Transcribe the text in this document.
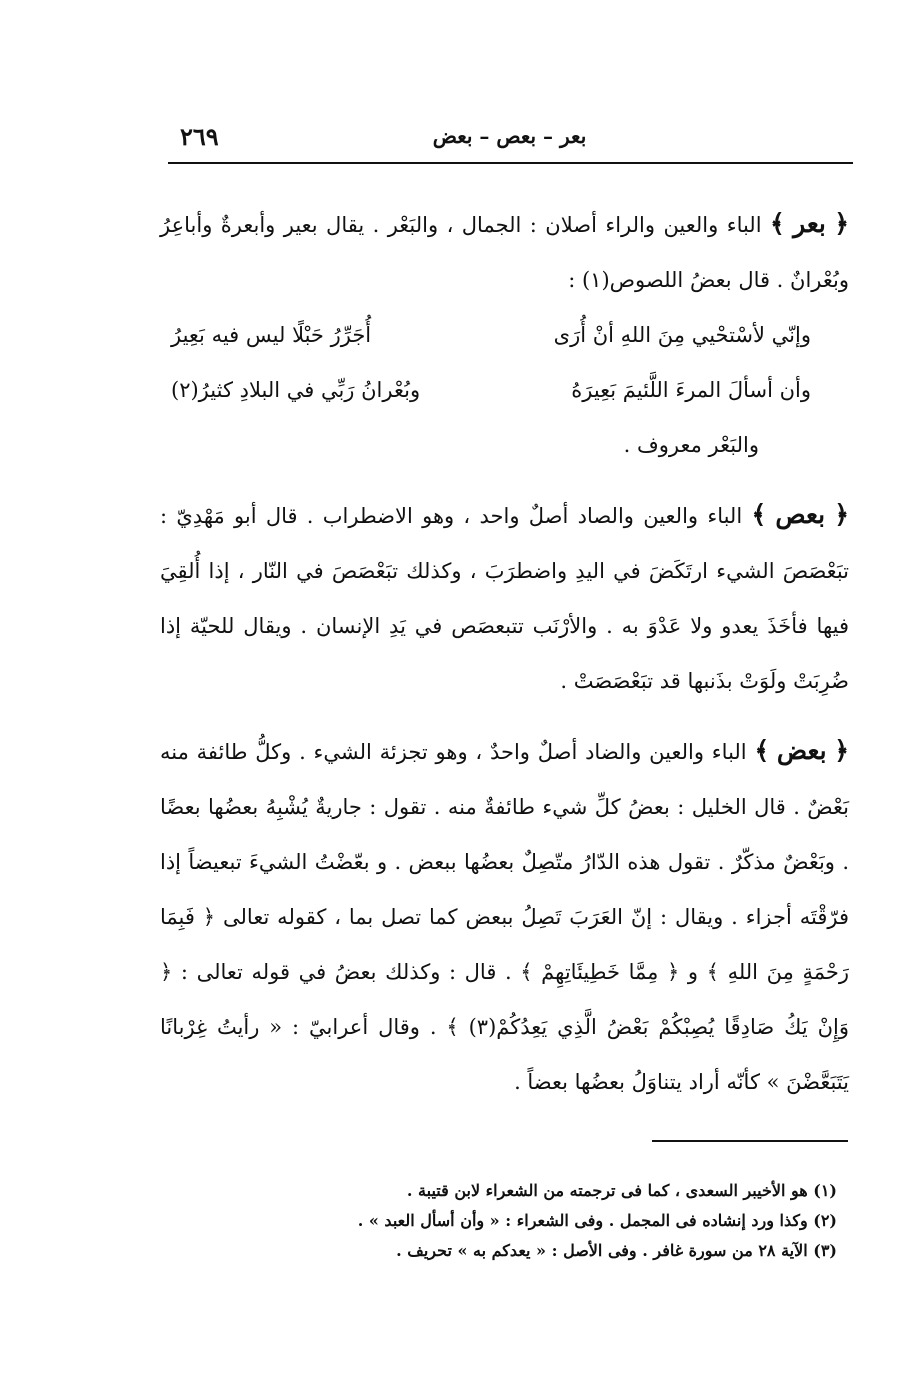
بعر – بعص – بعض
٢٦٩

﴿ بعر ﴾ الباء والعين والراء أصلان : الجمال ، والبَعْر . يقال بعير وأبعرةٌ وأباعِرُ وبُعْرانٌ . قال بعضُ اللصوص(١) :
وإنّي لأسْتحْيي مِنَ اللهِ أنْ أُرَى
أُجَرِّرُ حَبْلًا ليس فيه بَعِيرُ
وأن أسألَ المرءَ اللَّئيمَ بَعِيرَهُ
وبُعْرانُ رَبِّي في البلادِ كثيرُ(٢)
والبَعْر معروف .

﴿ بعص ﴾ الباء والعين والصاد أصلٌ واحد ، وهو الاضطراب . قال أبو مَهْدِيّ : تبَعْصَصَ الشيء ارتَكَضَ في اليدِ واضطرَبَ ، وكذلك تبَعْصَصَ في النّار ، إذا أُلقِيَ فيها فأخَذَ يعدو ولا عَدْوَ به . والأرْنَب تتبعصَص في يَدِ الإنسان . ويقال للحيّة إذا ضُرِبَتْ ولَوَتْ بذَنبها قد تبَعْصَصَتْ .

﴿ بعض ﴾ الباء والعين والضاد أصلٌ واحدٌ ، وهو تجزئة الشيء . وكلُّ طائفة منه بَعْضٌ . قال الخليل : بعضُ كلِّ شيء طائفةٌ منه . تقول : جاريةٌ يُشْبِهُ بعضُها بعضًا . وبَعْضٌ مذكّرٌ . تقول هذه الدّارُ متّصِلٌ بعضُها ببعض . و بعّضْتُ الشيءَ تبعيضاً إذا فرّقْتَه أجزاء . ويقال : إنّ العَرَبَ تَصِلُ ببعض كما تصل بما ، كقوله تعالى ﴿ فَبِمَا رَحْمَةٍ مِنَ اللهِ ﴾ و ﴿ مِمَّا خَطِيئَاتِهِمْ ﴾ . قال : وكذلك بعضُ في قوله تعالى : ﴿ وَإِنْ يَكُ صَادِقًا يُصِبْكُمْ بَعْضُ الَّذِي يَعِدُكُمْ(٣) ﴾ . وقال أعرابيّ : « رأيتُ غِرْبانًا يَتَبَعَّضْنَ » كأنّه أراد يتناوَلُ بعضُها بعضاً .

(١) هو الأخيبر السعدى ، كما فى ترجمته من الشعراء لابن قتيبة .
(٢) وكذا ورد إنشاده فى المجمل . وفى الشعراء : « وأن أسأل العبد » .
(٣) الآية ٢٨ من سورة غافر . وفى الأصل : « يعدكم به » تحريف .
